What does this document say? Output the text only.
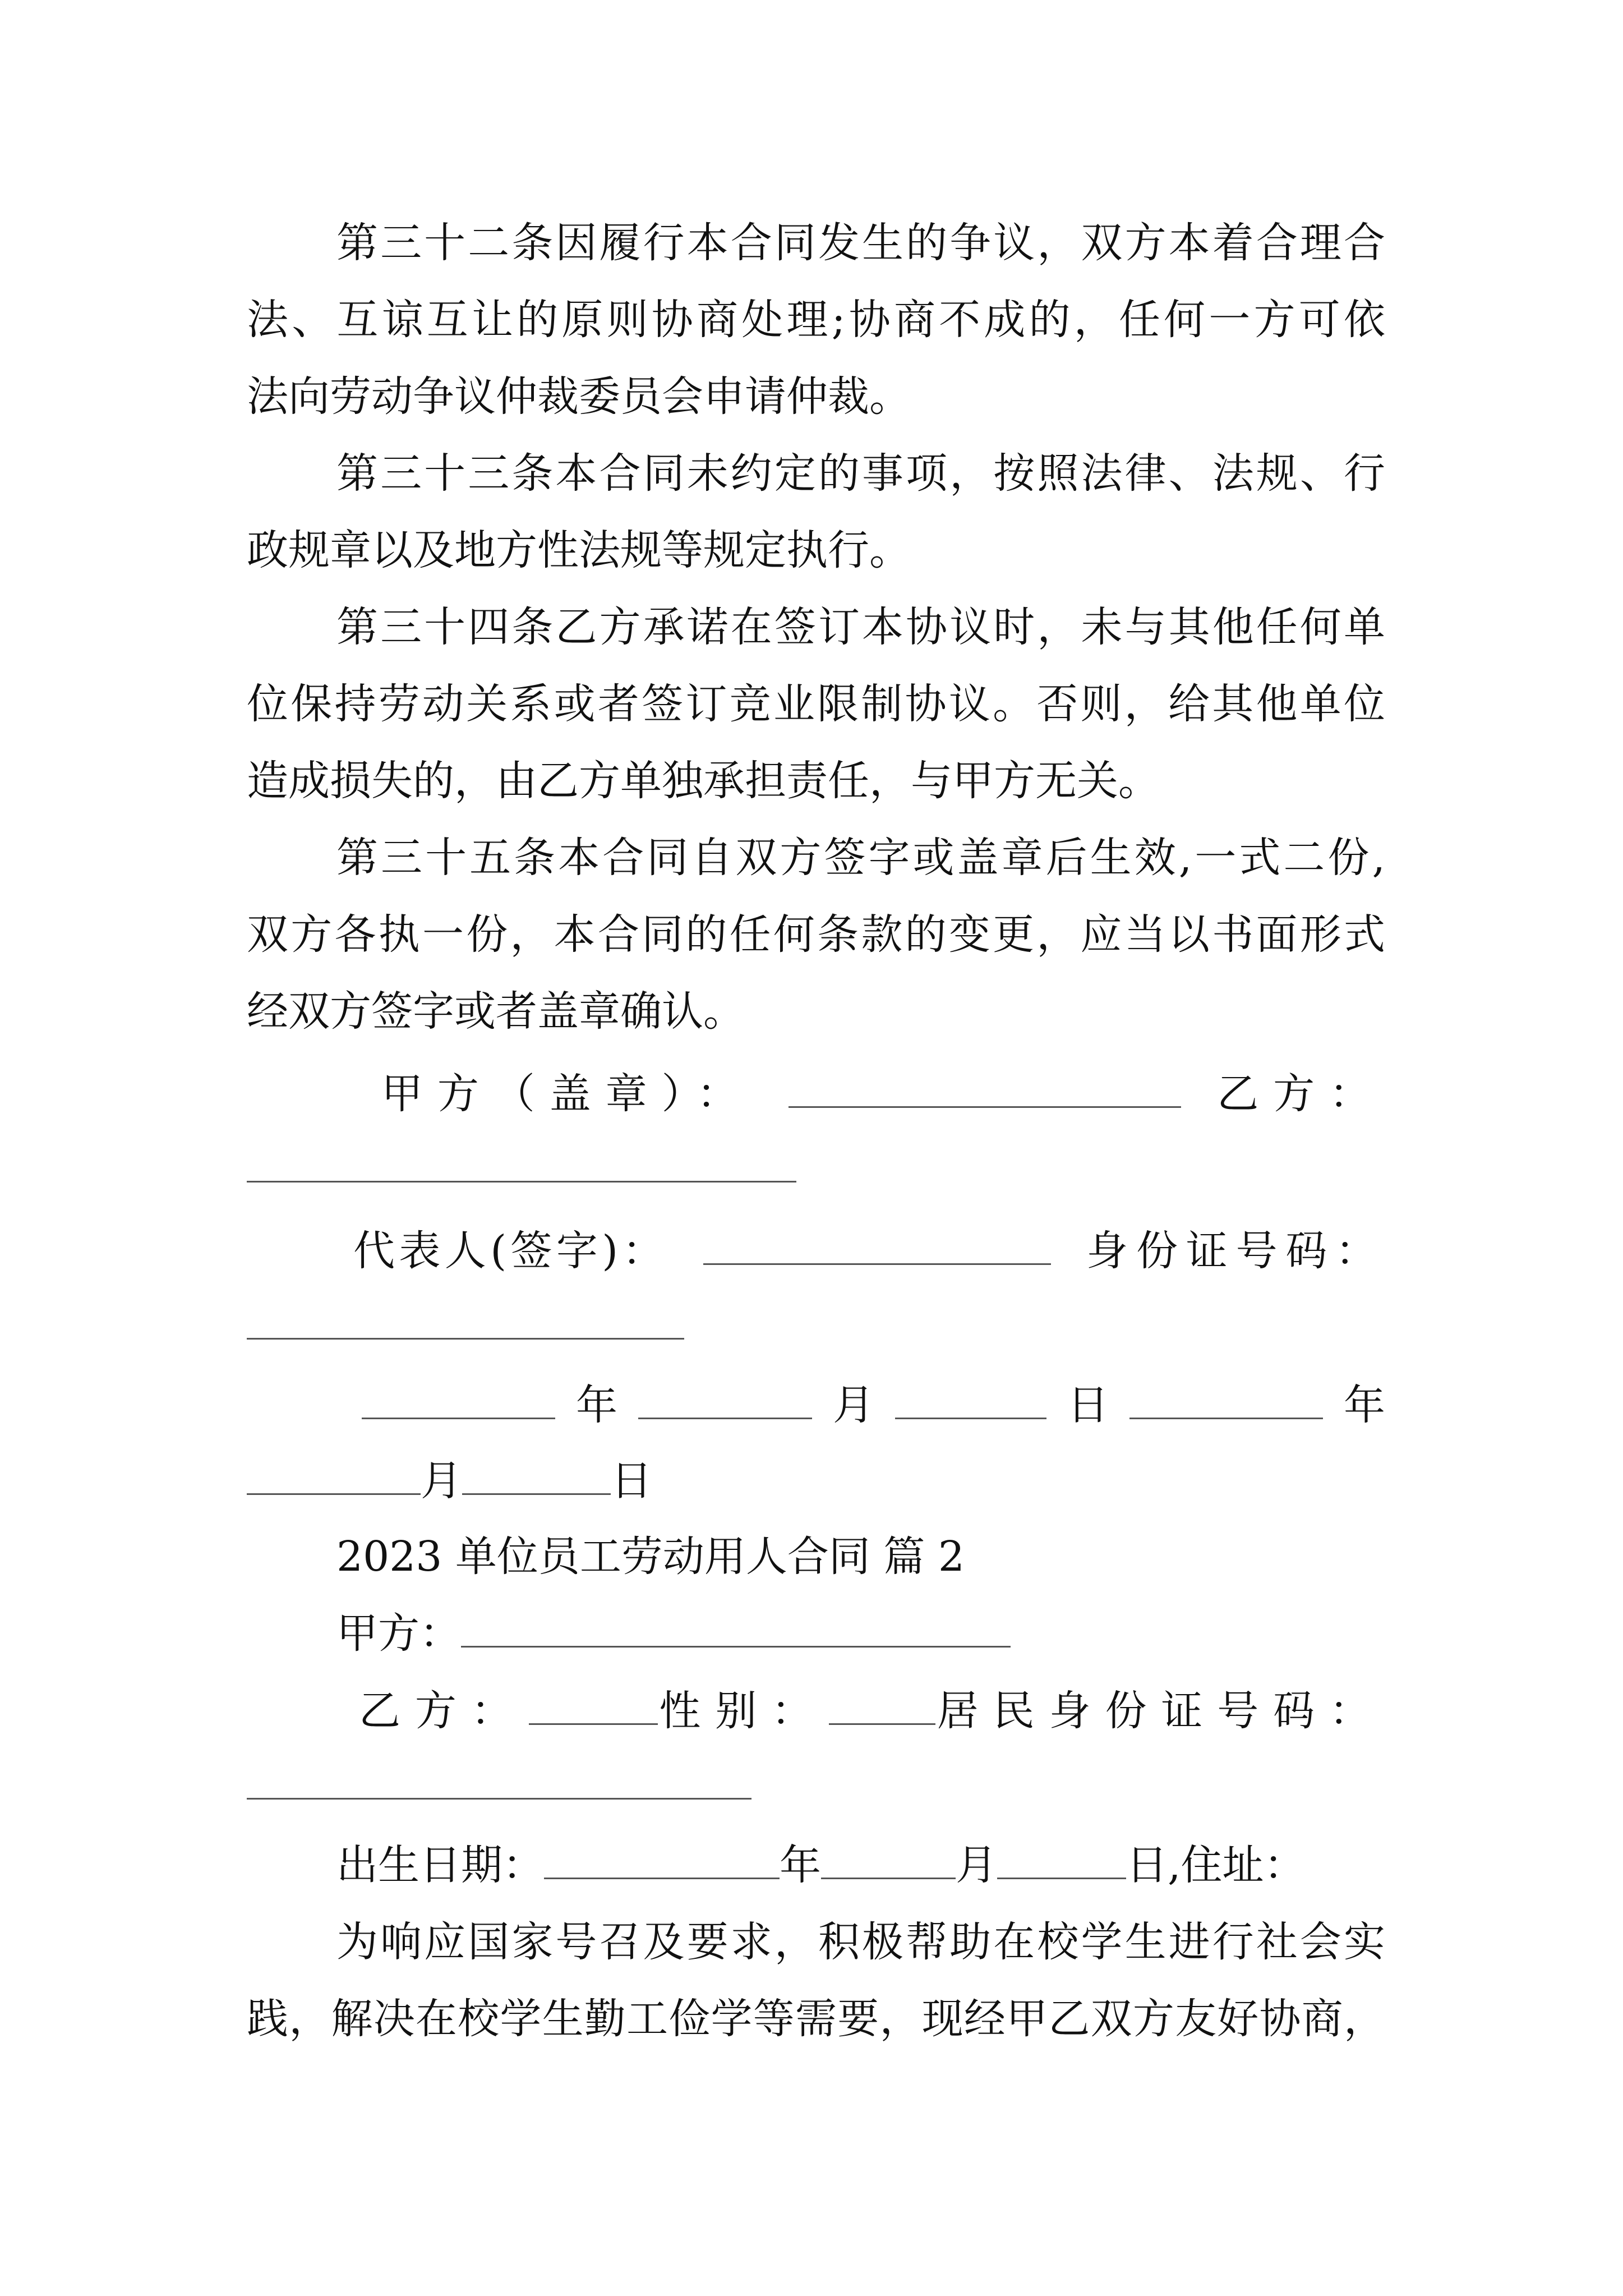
第三十二条因履行本合同发生的争议，双方本着合理合
法、互谅互让的原则协商处理;协商不成的，任何一方可依
法向劳动争议仲裁委员会申请仲裁。
第三十三条本合同未约定的事项，按照法律、法规、行
政规章以及地方性法规等规定执行。
第三十四条乙方承诺在签订本协议时，未与其他任何单
位保持劳动关系或者签订竞业限制协议。否则，给其他单位
造成损失的，由乙方单独承担责任，与甲方无关。
第三十五条本合同自双方签字或盖章后生效,一式二份,
双方各执一份，本合同的任何条款的变更，应当以书面形式
经双方签字或者盖章确认。
甲方（盖章）：	乙方：
代表人(签字)：	身份证号码：
年	月	日	年
月	日
2023 单位员工劳动用人合同 篇 2
甲方：
乙方：	性别：	居民身份证号码：
出生日期：	年	月	日,住址：
为响应国家号召及要求，积极帮助在校学生进行社会实
践，解决在校学生勤工俭学等需要，现经甲乙双方友好协商，
